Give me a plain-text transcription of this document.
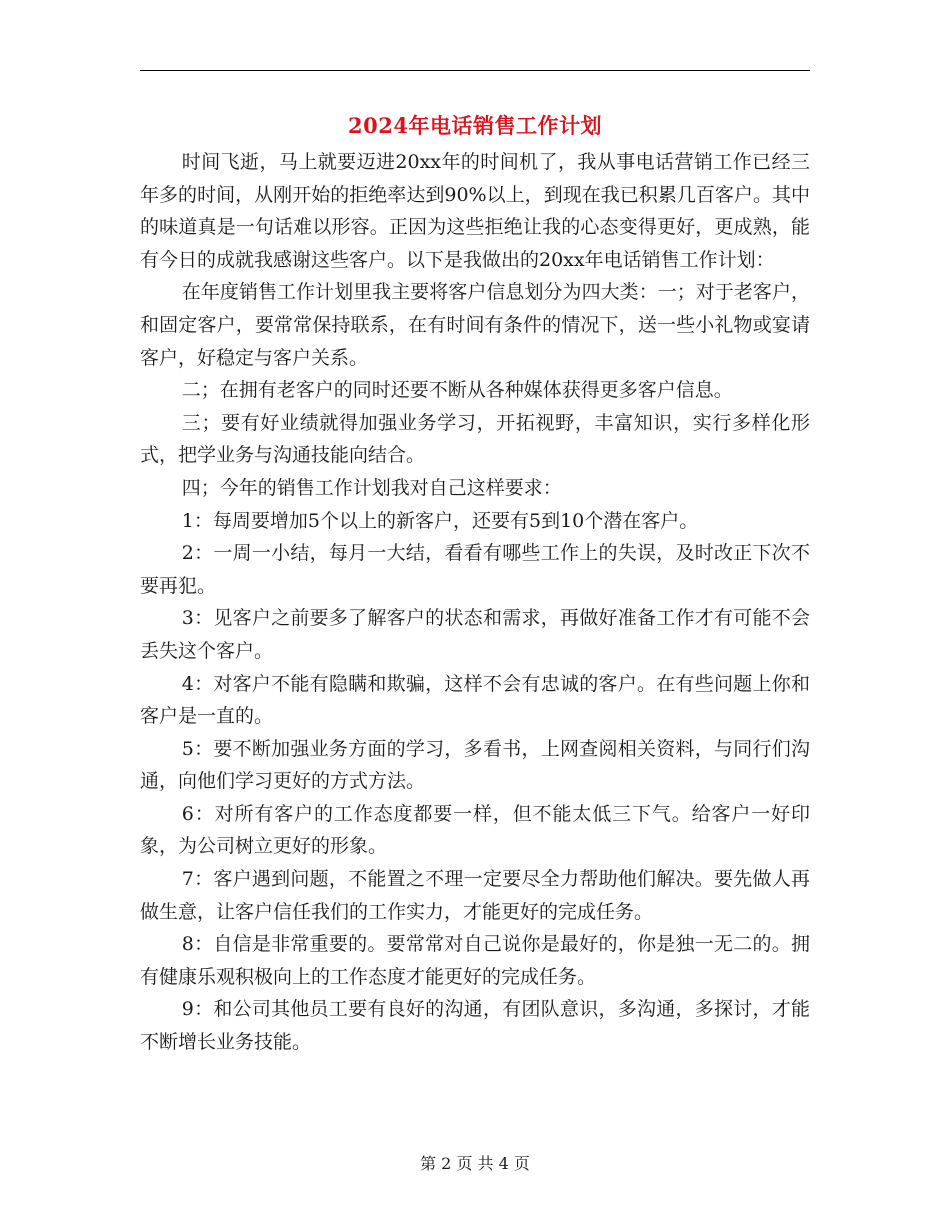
2024年电话销售工作计划

时间飞逝，马上就要迈进20xx年的时间机了，我从事电话营销工作已经三年多的时间，从刚开始的拒绝率达到90%以上，到现在我已积累几百客户。其中的味道真是一句话难以形容。正因为这些拒绝让我的心态变得更好，更成熟，能有今日的成就我感谢这些客户。以下是我做出的20xx年电话销售工作计划：

在年度销售工作计划里我主要将客户信息划分为四大类：一；对于老客户，和固定客户，要常常保持联系，在有时间有条件的情况下，送一些小礼物或宴请客户，好稳定与客户关系。

二；在拥有老客户的同时还要不断从各种媒体获得更多客户信息。

三；要有好业绩就得加强业务学习，开拓视野，丰富知识，实行多样化形式，把学业务与沟通技能向结合。

四；今年的销售工作计划我对自己这样要求：

1：每周要增加5个以上的新客户，还要有5到10个潜在客户。

2：一周一小结，每月一大结，看看有哪些工作上的失误，及时改正下次不要再犯。

3：见客户之前要多了解客户的状态和需求，再做好准备工作才有可能不会丢失这个客户。

4：对客户不能有隐瞒和欺骗，这样不会有忠诚的客户。在有些问题上你和客户是一直的。

5：要不断加强业务方面的学习，多看书，上网查阅相关资料，与同行们沟通，向他们学习更好的方式方法。

6：对所有客户的工作态度都要一样，但不能太低三下气。给客户一好印象，为公司树立更好的形象。

7：客户遇到问题，不能置之不理一定要尽全力帮助他们解决。要先做人再做生意，让客户信任我们的工作实力，才能更好的完成任务。

8：自信是非常重要的。要常常对自己说你是最好的，你是独一无二的。拥有健康乐观积极向上的工作态度才能更好的完成任务。

9：和公司其他员工要有良好的沟通，有团队意识，多沟通，多探讨，才能不断增长业务技能。

第 2 页 共 4 页
